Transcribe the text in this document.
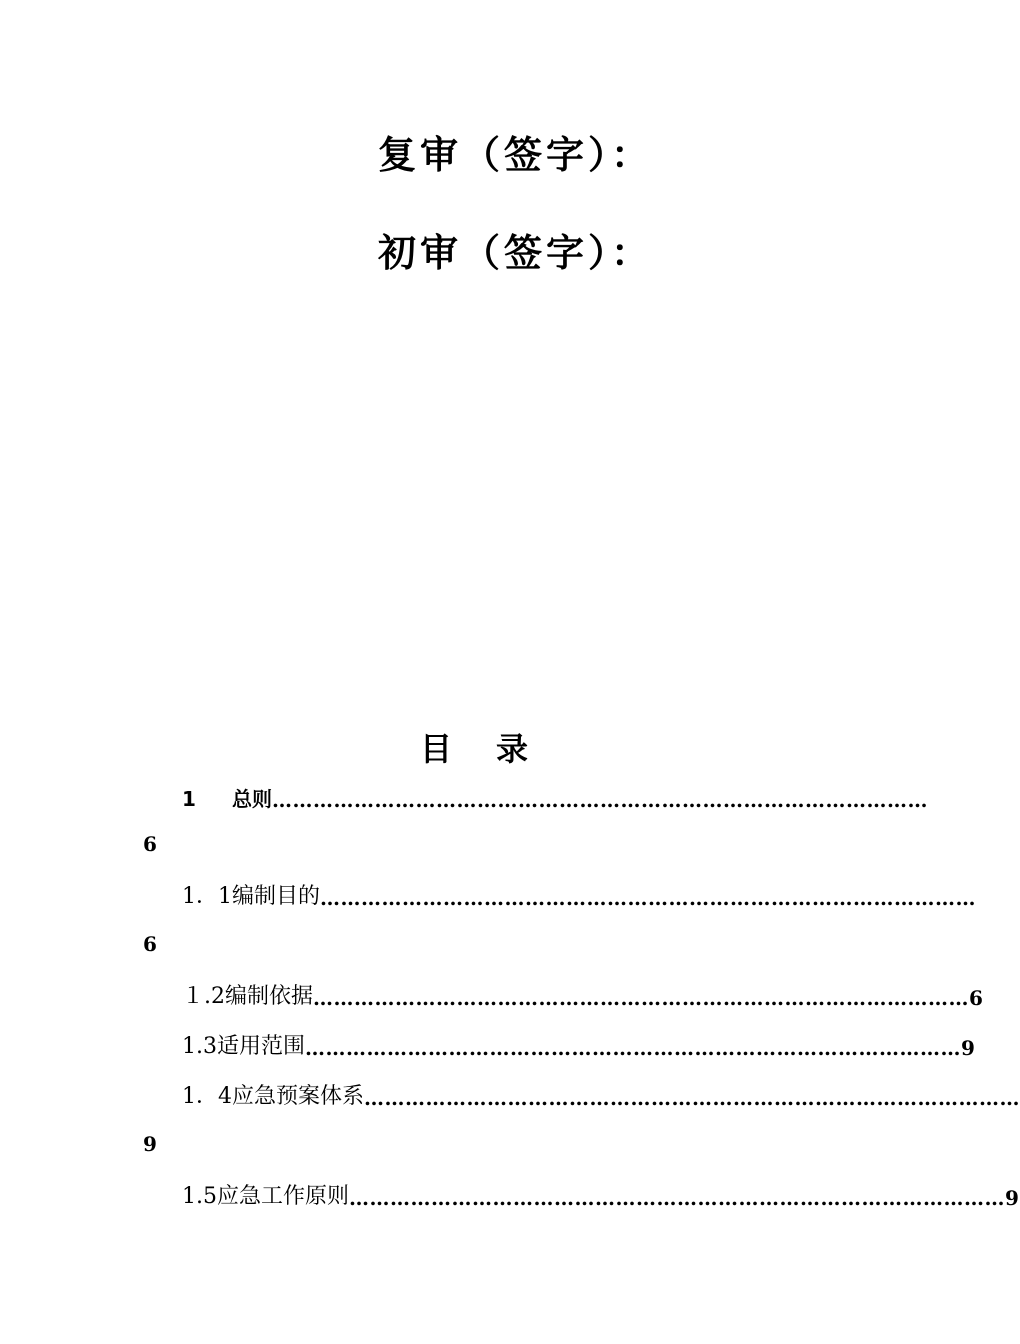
复审（签字）：
初审（签字）：
目 录
1 总则 ……………………………………………………………………………………
6
1．1编制目的 ……………………………………………………………………………………
6
１.2编制依据 …………………………………………………………………………………… 6
1.3适用范围 …………………………………………………………………………………… 9
1．4应急预案体系 ……………………………………………………………………………………
9
1.5应急工作原则 …………………………………………………………………………………… 9
